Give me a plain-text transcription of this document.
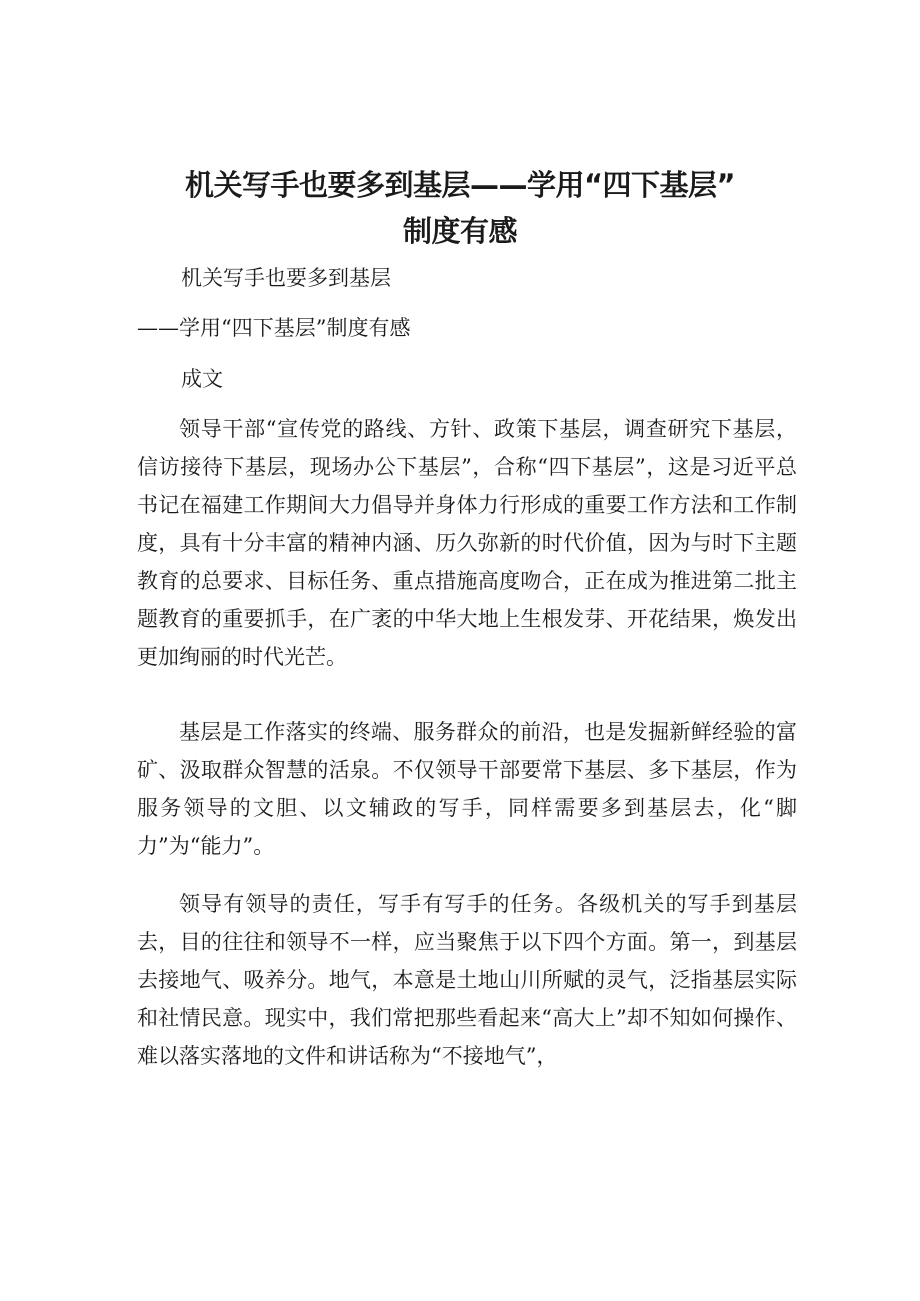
机关写手也要多到基层——学用“四下基层”
制度有感
机关写手也要多到基层
——学用“四下基层”制度有感
成文

领导干部“宣传党的路线、方针、政策下基层，调查研究下基层，信访接待下基层，现场办公下基层”，合称“四下基层”，这是习近平总书记在福建工作期间大力倡导并身体力行形成的重要工作方法和工作制度，具有十分丰富的精神内涵、历久弥新的时代价值，因为与时下主题教育的总要求、目标任务、重点措施高度吻合，正在成为推进第二批主题教育的重要抓手，在广袤的中华大地上生根发芽、开花结果，焕发出更加绚丽的时代光芒。

基层是工作落实的终端、服务群众的前沿，也是发掘新鲜经验的富矿、汲取群众智慧的活泉。不仅领导干部要常下基层、多下基层，作为服务领导的文胆、以文辅政的写手，同样需要多到基层去，化“脚力”为“能力”。

领导有领导的责任，写手有写手的任务。各级机关的写手到基层去，目的往往和领导不一样，应当聚焦于以下四个方面。第一，到基层去接地气、吸养分。地气，本意是土地山川所赋的灵气，泛指基层实际和社情民意。现实中，我们常把那些看起来“高大上”却不知如何操作、难以落实落地的文件和讲话称为“不接地气”，
